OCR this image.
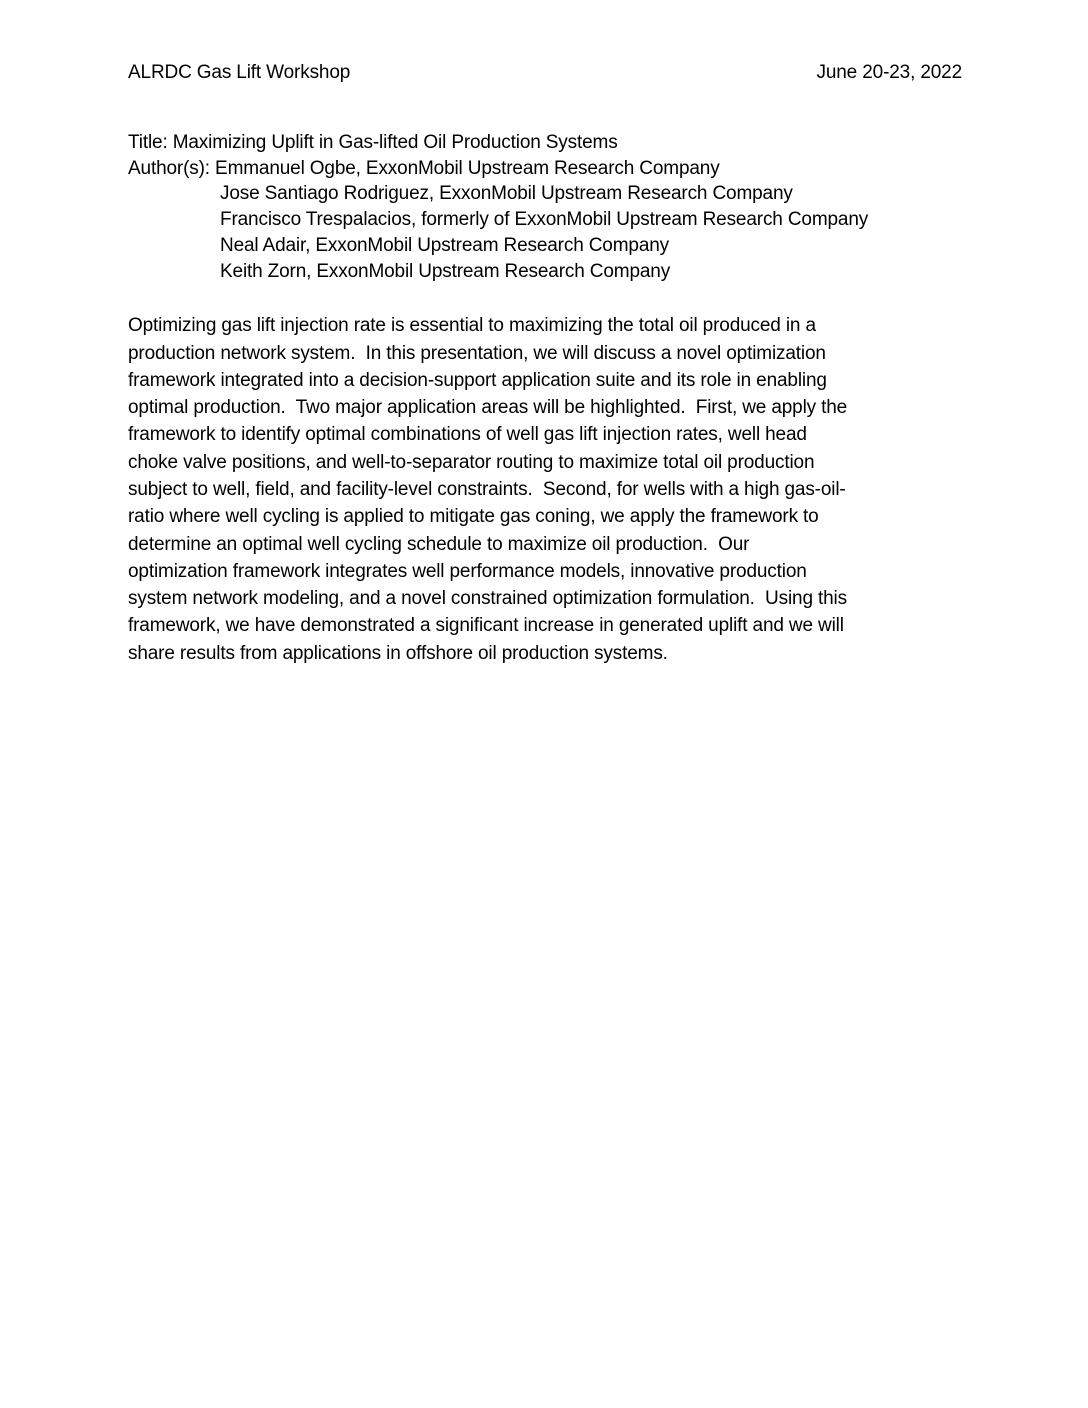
ALRDC Gas Lift Workshop	June 20-23, 2022
Title: Maximizing Uplift in Gas-lifted Oil Production Systems
Author(s): Emmanuel Ogbe, ExxonMobil Upstream Research Company
Jose Santiago Rodriguez, ExxonMobil Upstream Research Company
Francisco Trespalacios, formerly of ExxonMobil Upstream Research Company
Neal Adair, ExxonMobil Upstream Research Company
Keith Zorn, ExxonMobil Upstream Research Company
Optimizing gas lift injection rate is essential to maximizing the total oil produced in a
production network system.  In this presentation, we will discuss a novel optimization
framework integrated into a decision-support application suite and its role in enabling
optimal production.  Two major application areas will be highlighted.  First, we apply the
framework to identify optimal combinations of well gas lift injection rates, well head
choke valve positions, and well-to-separator routing to maximize total oil production
subject to well, field, and facility-level constraints.  Second, for wells with a high gas-oil-
ratio where well cycling is applied to mitigate gas coning, we apply the framework to
determine an optimal well cycling schedule to maximize oil production.  Our
optimization framework integrates well performance models, innovative production
system network modeling, and a novel constrained optimization formulation.  Using this
framework, we have demonstrated a significant increase in generated uplift and we will
share results from applications in offshore oil production systems.
